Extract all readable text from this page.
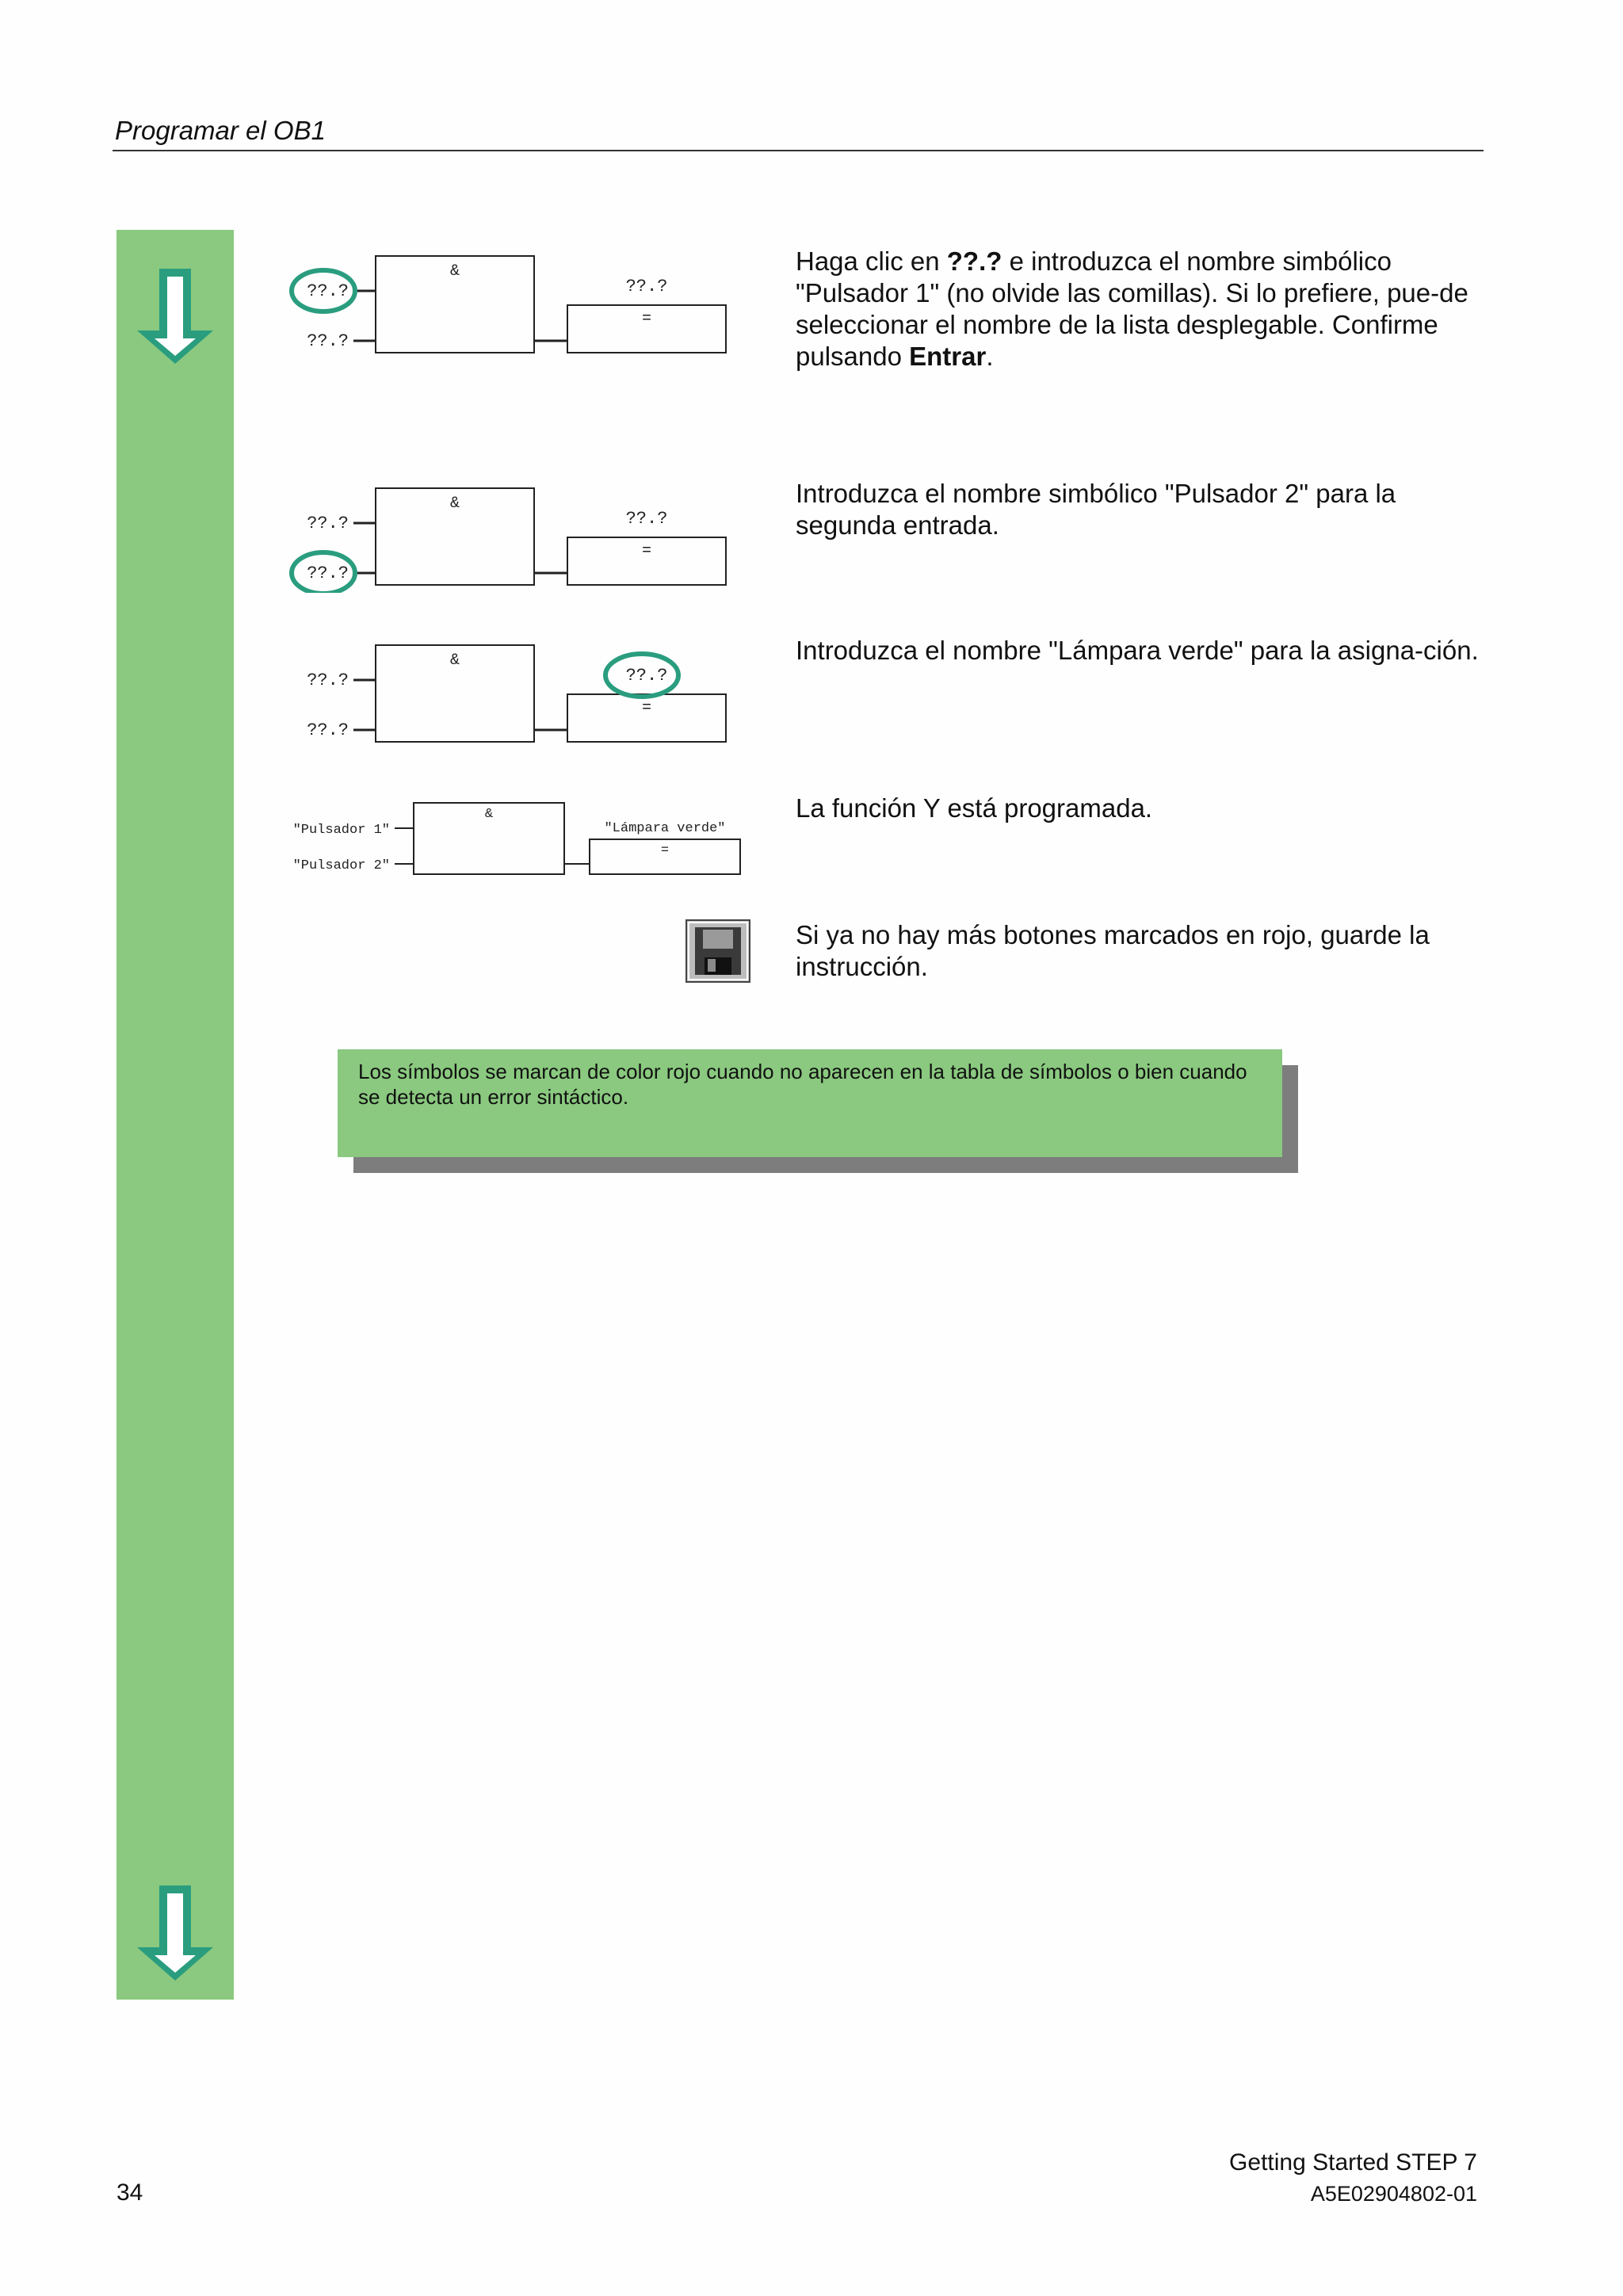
Programar el OB1
&
??.?
??.?
=
??.?
Haga clic en ??.? e introduzca el nombre simbólico "Pulsador 1" (no olvide las comillas). Si lo prefiere, pue-de seleccionar el nombre de la lista desplegable. Confirme pulsando Entrar.
&
??.?
??.?
=
??.?
Introduzca el nombre simbólico "Pulsador 2" para la segunda entrada.
&
??.?
??.?
=
??.?
Introduzca el nombre "Lámpara verde" para la asigna-ción.
&
"Pulsador 1"
"Pulsador 2"
=
"Lámpara verde"
La función Y está programada.
Si ya no hay más botones marcados en rojo, guarde la instrucción.
Los símbolos se marcan de color rojo cuando no aparecen en la tabla de símbolos o bien cuando se detecta un error sintáctico.
34
Getting Started STEP 7
A5E02904802-01
